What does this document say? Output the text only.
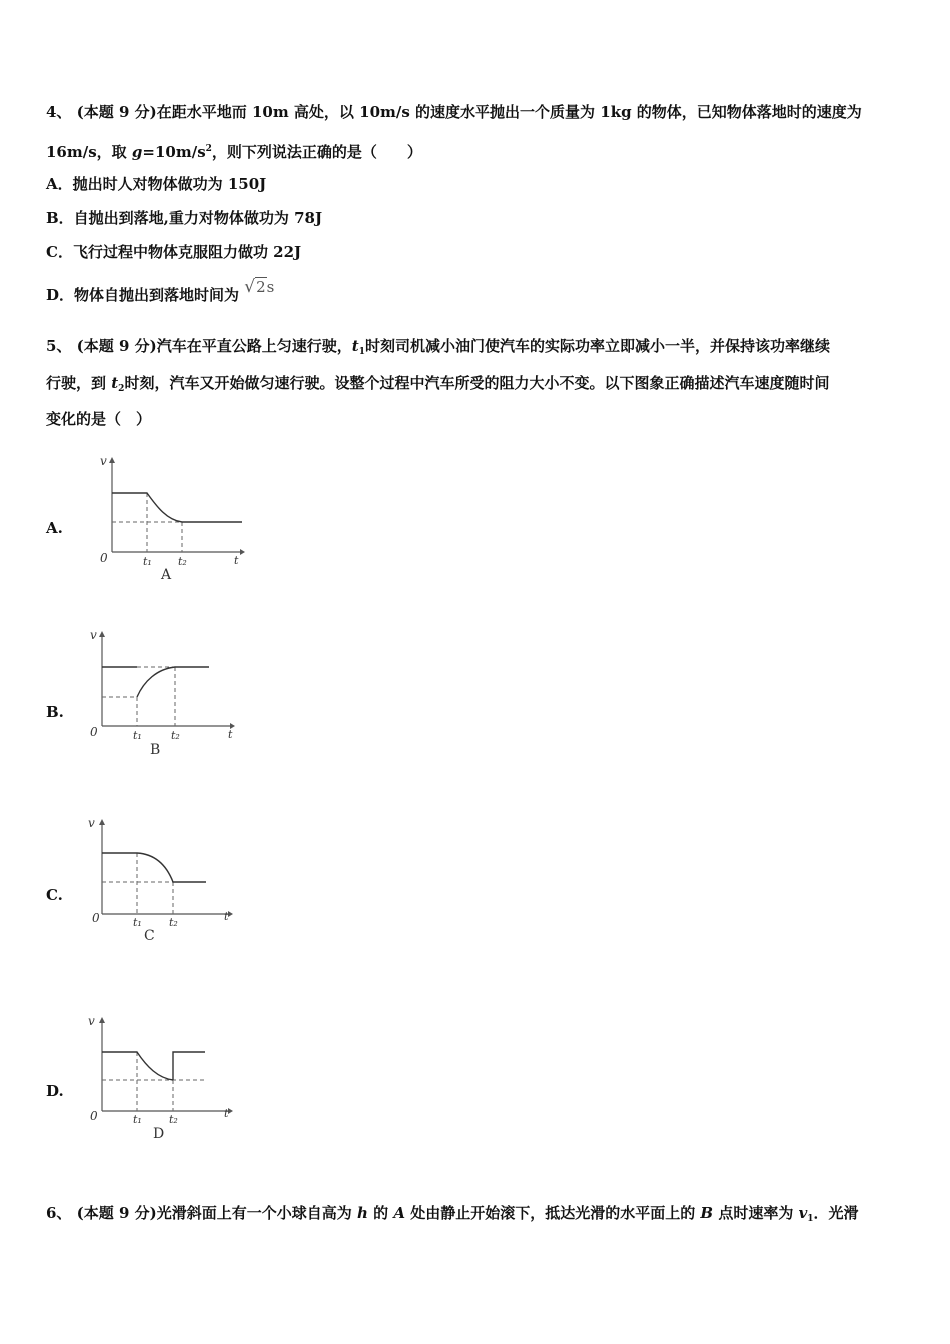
4、 (本题 9 分)在距水平地而 10m 高处，以 10m/s 的速度水平抛出一个质量为 1kg 的物体，已知物体落地时的速度为
16m/s，取 $g=10m/s^2$，则下列说法正确的是（　　）
A．抛出时人对物体做功为 150J
B．自抛出到落地,重力对物体做功为 78J
C．飞行过程中物体克服阻力做功 22J
D．物体自抛出到落地时间为 √2s
5、 (本题 9 分)汽车在平直公路上匀速行驶，$t_1$时刻司机减小油门使汽车的实际功率立即减小一半，并保持该功率继续
行驶，到 $t_2$时刻，汽车又开始做匀速行驶。设整个过程中汽车所受的阻力大小不变。以下图象正确描述汽车速度随时间
变化的是（　）
A.
v
0	t₁ t₂	t
A
B.
v
0	t₁	t₂	t
B
C.
v
0	t₁ t₂	t
C
D.
v
0	t₁ t₂	t
D
6、 (本题 9 分)光滑斜面上有一个小球自高为 h 的 A 处由静止开始滚下，抵达光滑的水平面上的 B 点时速率为 $v_1$．光滑
